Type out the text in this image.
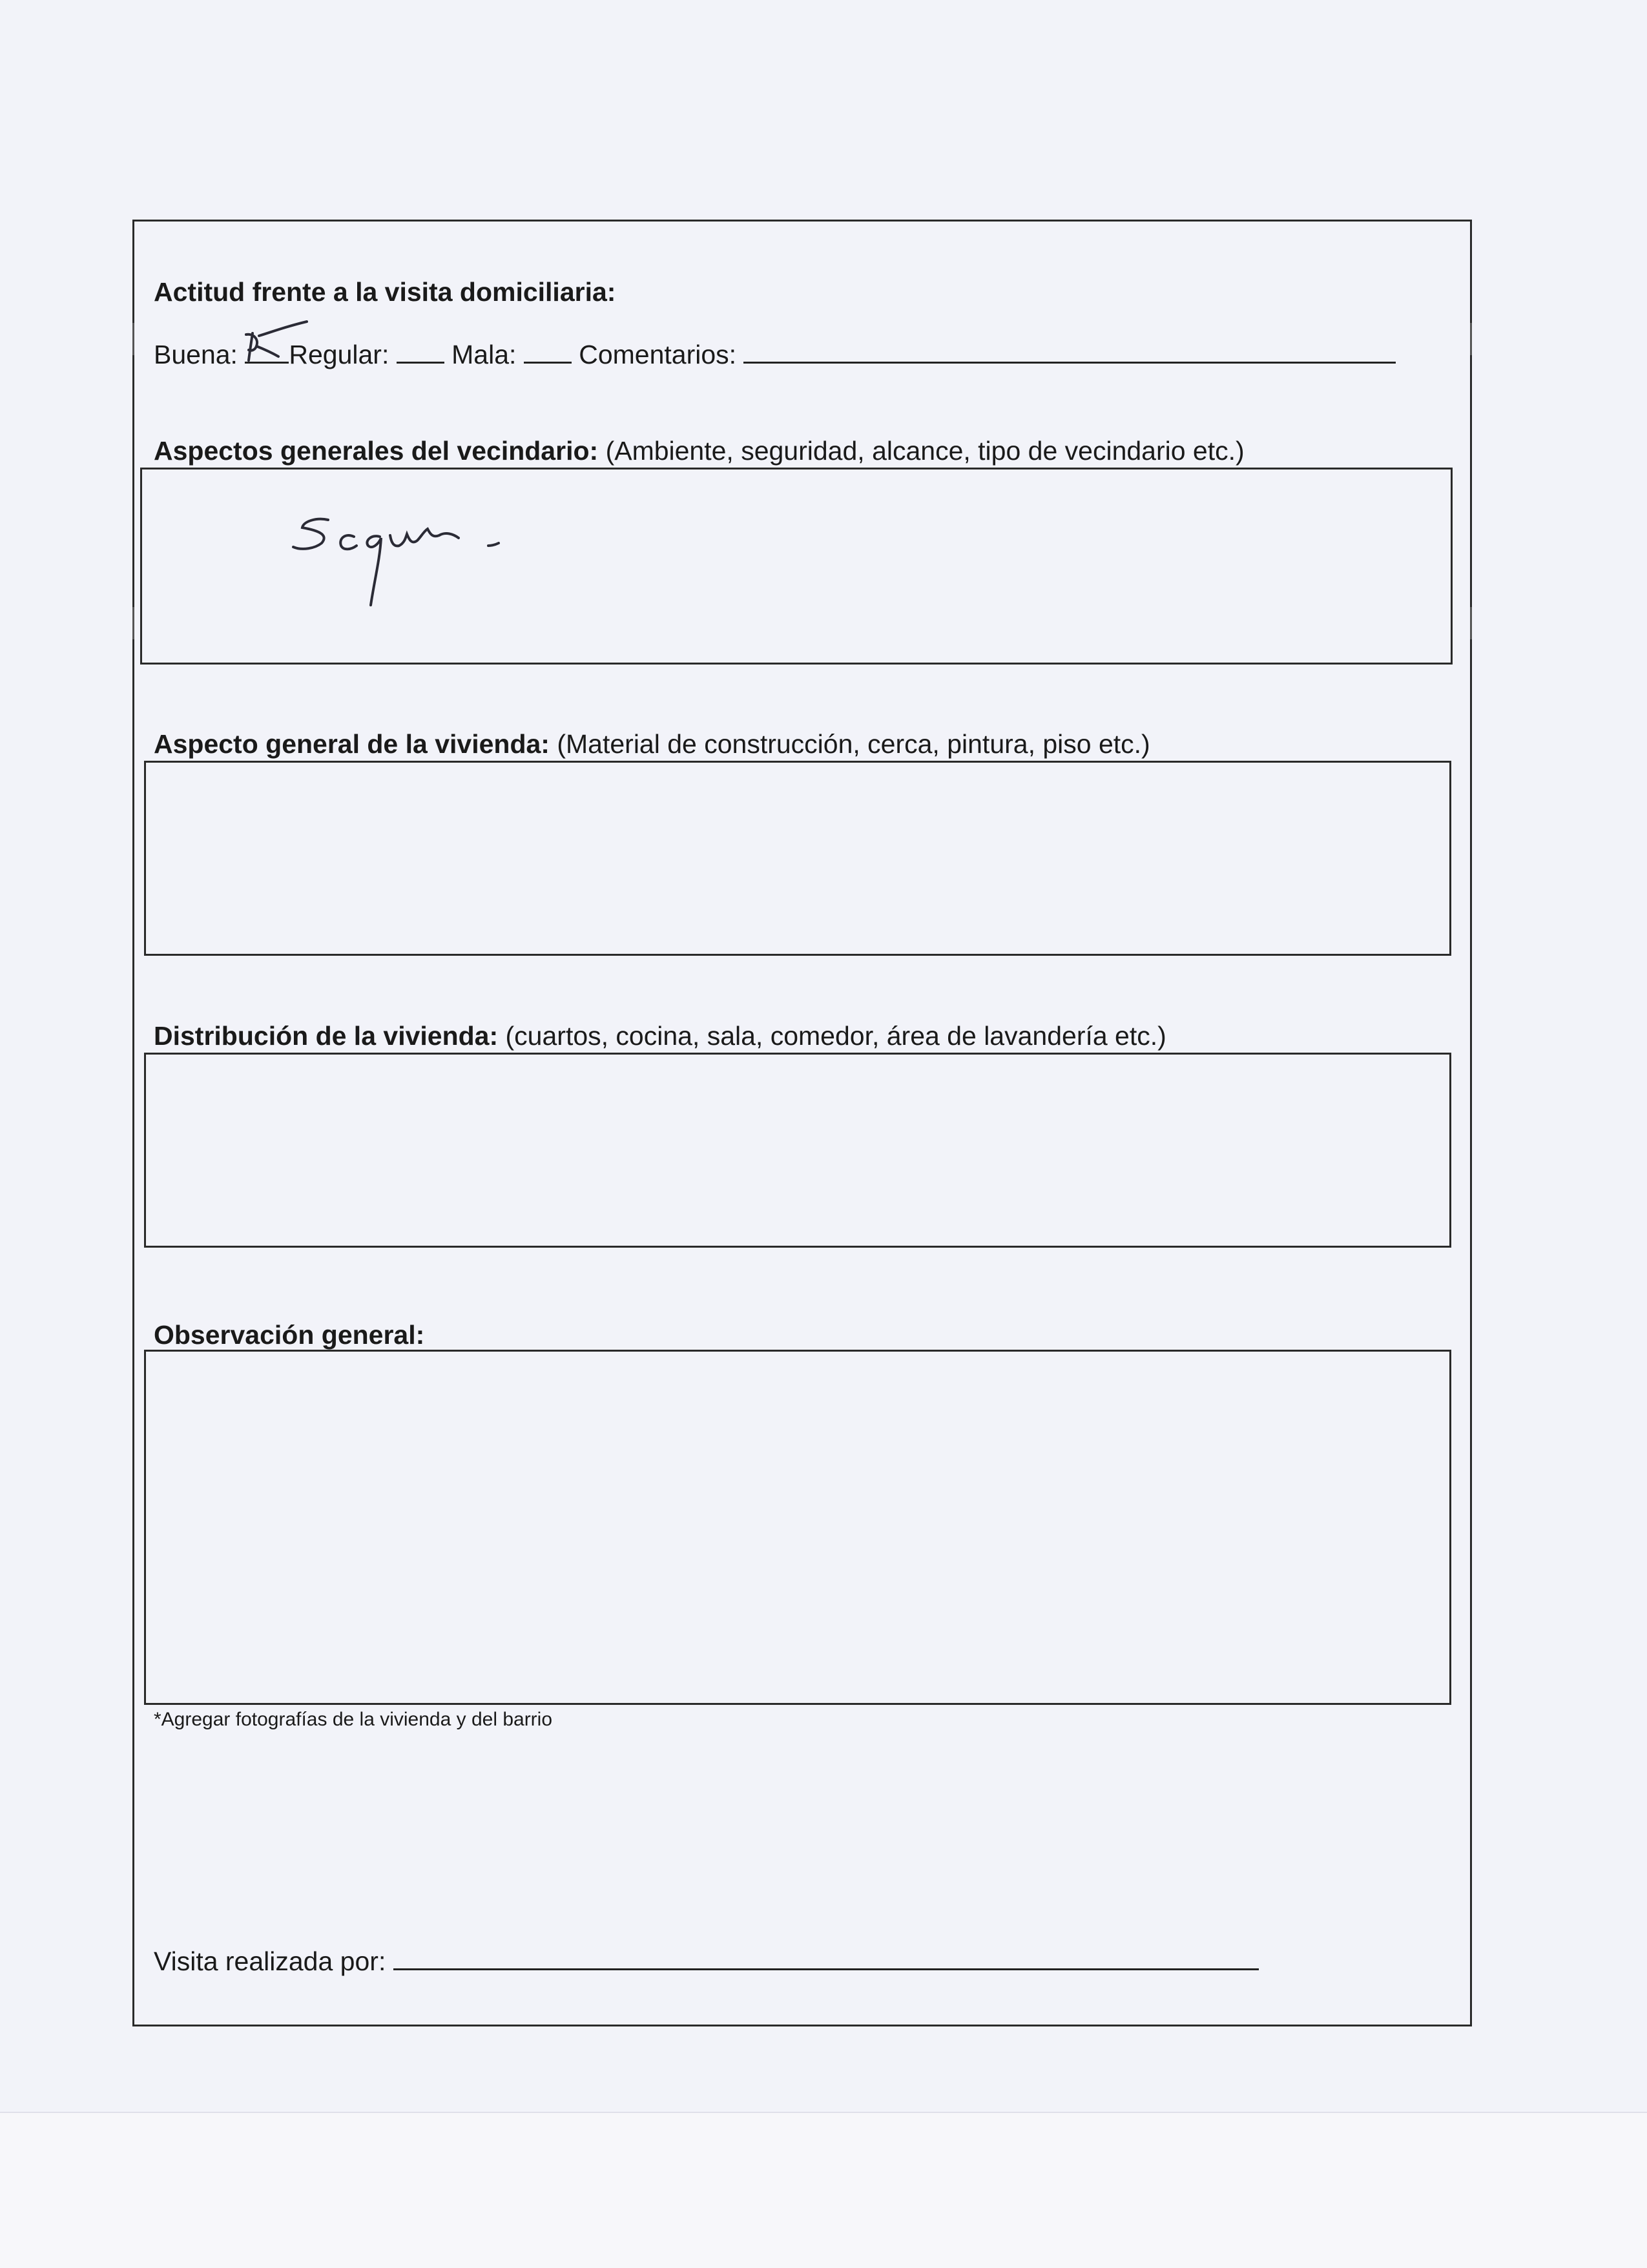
Actitud frente a la visita domiciliaria:
Buena: Regular: Mala: Comentarios:
Aspectos generales del vecindario: (Ambiente, seguridad, alcance, tipo de vecindario etc.)
Aspecto general de la vivienda: (Material de construcción, cerca, pintura, piso etc.)
Distribución de la vivienda: (cuartos, cocina, sala, comedor, área de lavandería etc.)
Observación general:
*Agregar fotografías de la vivienda y del barrio
Visita realizada por:
